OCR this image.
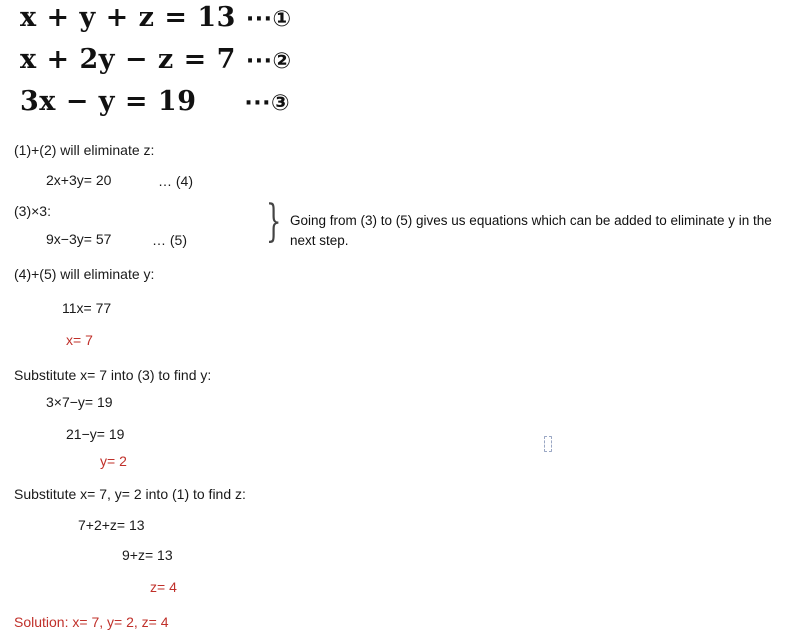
x + y + z = 13 ···①
x + 2y − z = 7 ···②
3x − y = 19 ···③
(1)+(2) will eliminate z:
2x+3y= 20	… (4)
(3)×3:
9x−3y= 57	… (5) } Going from (3) to (5) gives us equations which can be added to eliminate y in the next step.
(4)+(5) will eliminate y:
11x= 77
x= 7
Substitute x= 7 into (3) to find y:
3×7−y= 19
21−y= 19
y= 2
Substitute x= 7, y= 2 into (1) to find z:
7+2+z= 13
9+z= 13
z= 4
Solution: x= 7, y= 2, z= 4
